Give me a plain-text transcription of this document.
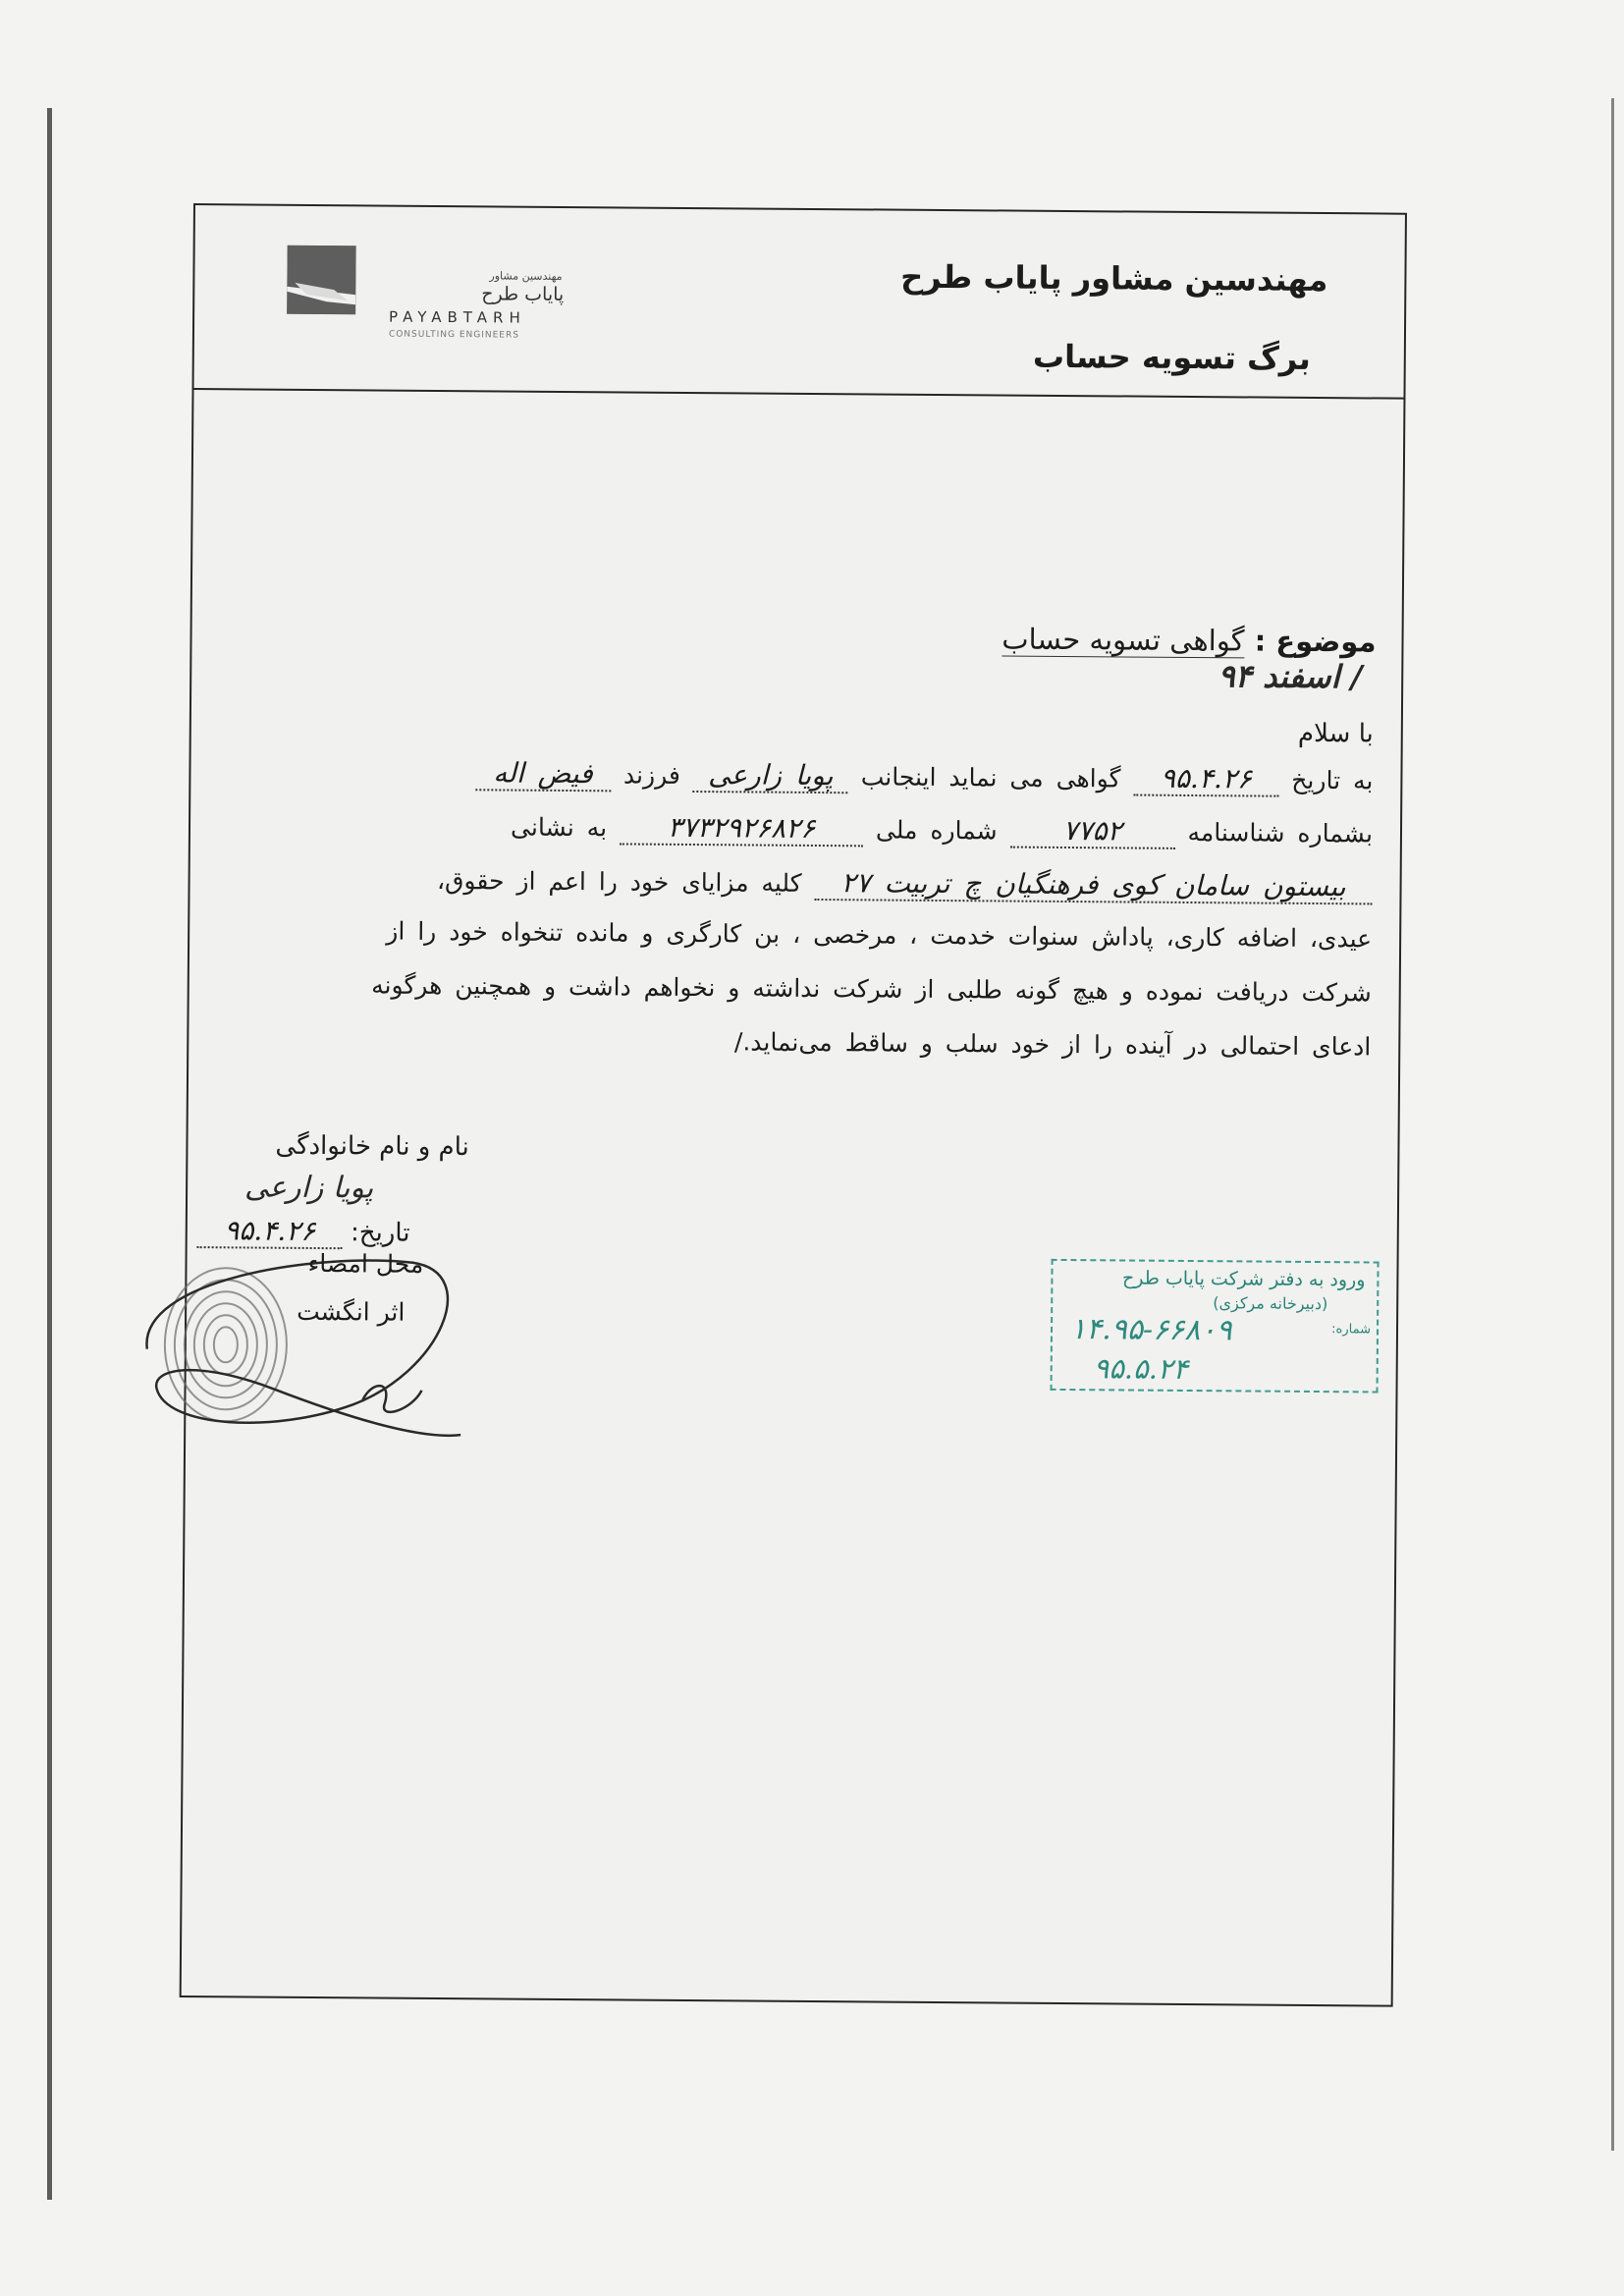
مهندسین مشاور پایاب طرح
برگ تسویه حساب
مهندسین مشاور
پایاب طرح
PAYABTARH
CONSULTING ENGINEERS
موضوع : گواهی تسویه حساب/ اسفند ۹۴
با سلام
به تاریخ ۹۵.۴.۲۶ گواهی می نماید اینجانب پویا زارعی فرزند فیض اله
بشماره شناسنامه ۷۷۵۲ شماره ملی ۳۷۳۲۹۲۶۸۲۶ به نشانی
بیستون سامان کوی فرهنگیان چ تربیت ۲۷ کلیه مزایای خود را اعم از حقوق،
عیدی، اضافه کاری، پاداش سنوات خدمت ، مرخصی ، بن کارگری و مانده تنخواه خود را از
شرکت دریافت نموده و هیچ گونه طلبی از شرکت نداشته و نخواهم داشت و همچنین هرگونه
ادعای احتمالی در آینده را از خود سلب و ساقط می‌نماید./
نام و نام خانوادگی
پویا زارعی
تاریخ: ۹۵.۴.۲۶
محل امضاء
اثر انگشت
ورود به دفتر شرکت پایاب طرح
(دبیرخانه مرکزی)
شماره:
۱۴.۹۵-۶۶۸۰۹
۹۵.۵.۲۴
